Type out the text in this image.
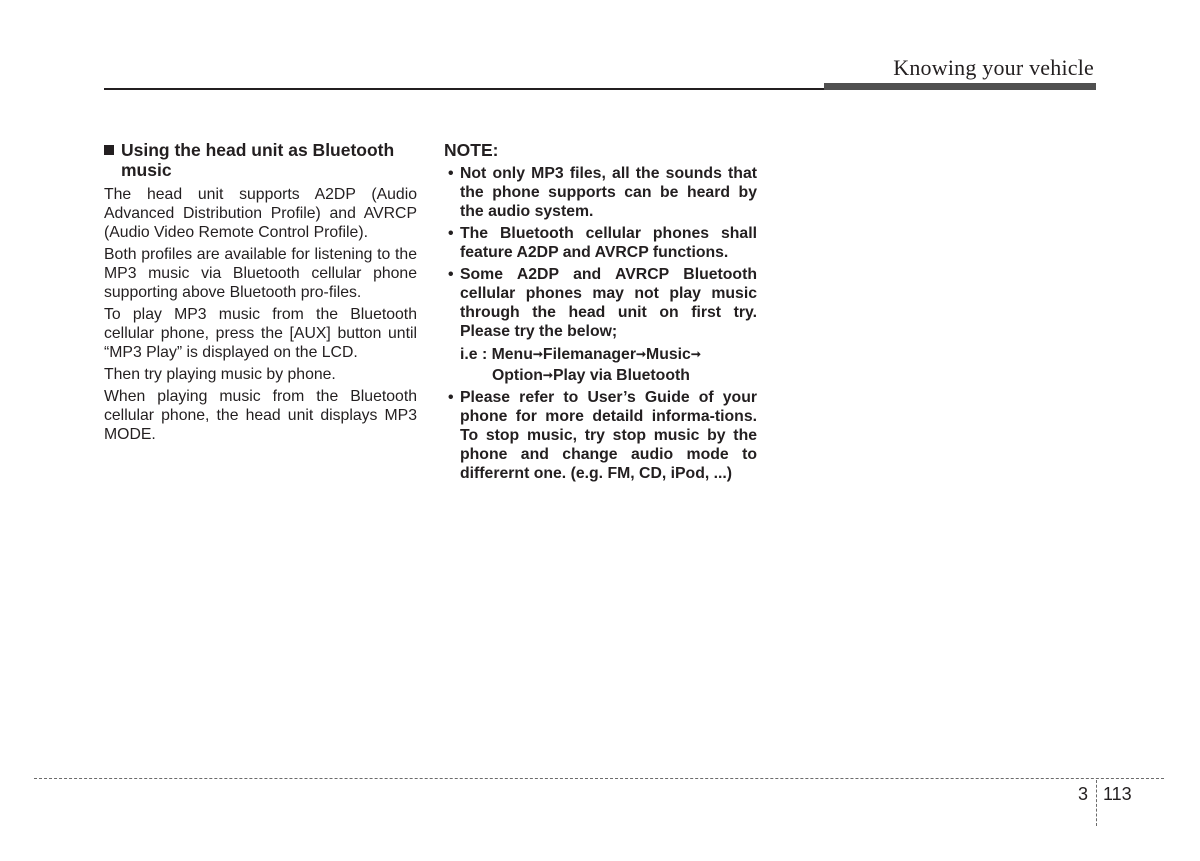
Knowing your vehicle
Using the head unit as Bluetooth music

The head unit supports A2DP (Audio Advanced Distribution Profile) and AVRCP (Audio Video Remote Control Profile).

Both profiles are available for listening to the MP3 music via Bluetooth cellular phone supporting above Bluetooth pro-files.

To play MP3 music from the Bluetooth cellular phone, press the [AUX] button until “MP3 Play” is displayed on the LCD.

Then try playing music by phone.

When playing music from the Bluetooth cellular phone, the head unit displays MP3 MODE.

NOTE:
• Not only MP3 files, all the sounds that the phone supports can be heard by the audio system.
• The Bluetooth cellular phones shall feature A2DP and AVRCP functions.
• Some A2DP and AVRCP Bluetooth cellular phones may not play music through the head unit on first try. Please try the below;
i.e : Menu➞Filemanager➞Music➞
Option➞Play via Bluetooth
• Please refer to User’s Guide of your phone for more detaild informa-tions. To stop music, try stop music by the phone and change audio mode to differernt one. (e.g. FM, CD, iPod, ...)
3 113
